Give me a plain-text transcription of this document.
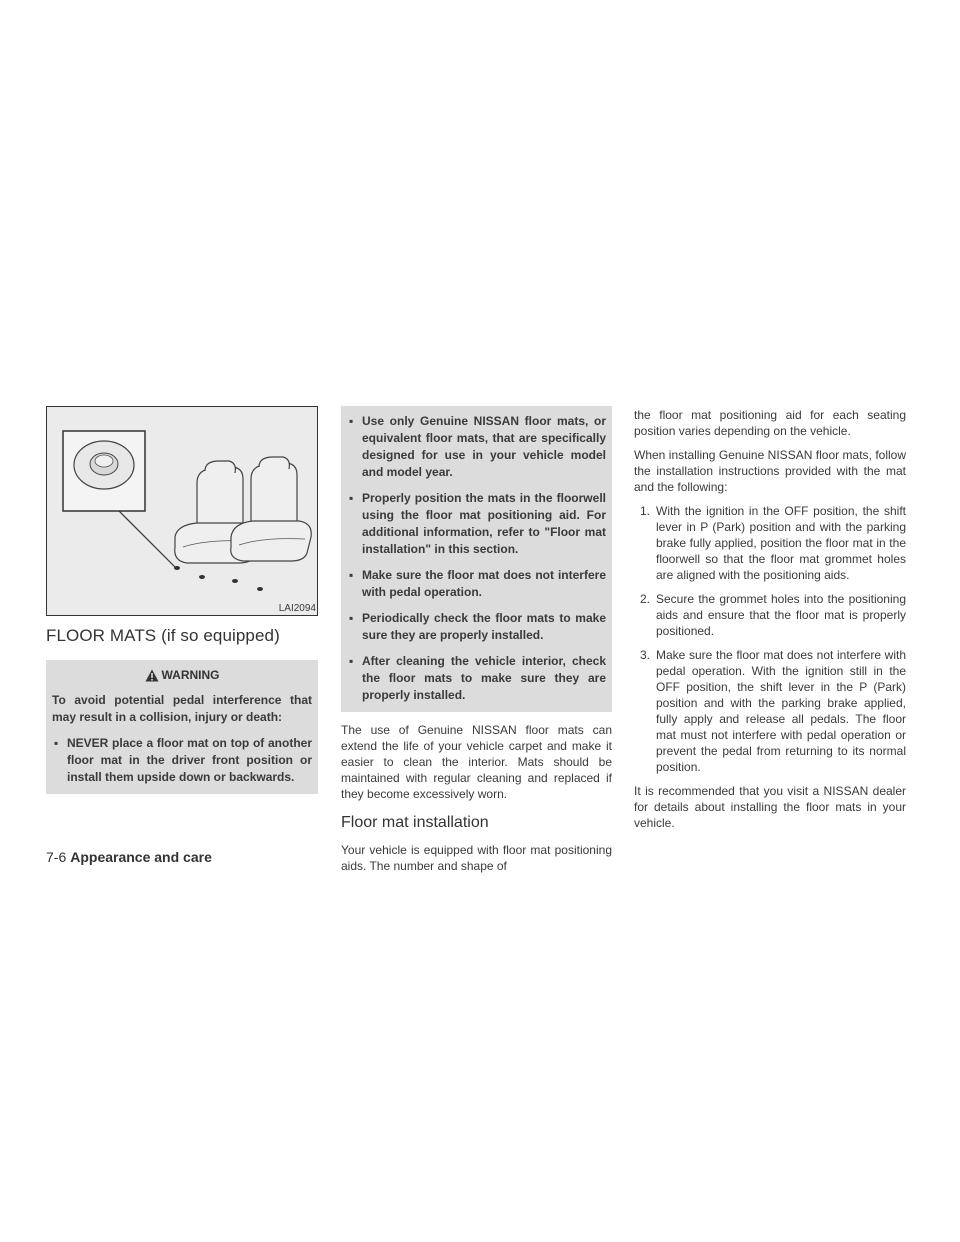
LAI2094
FLOOR MATS (if so equipped)
WARNING

To avoid potential pedal interference that may result in a collision, injury or death:

▪ NEVER place a floor mat on top of another floor mat in the driver front position or install them upside down or backwards.
▪ Use only Genuine NISSAN floor mats, or equivalent floor mats, that are specifically designed for use in your vehicle model and model year.
▪ Properly position the mats in the floorwell using the floor mat positioning aid. For additional information, refer to "Floor mat installation" in this section.
▪ Make sure the floor mat does not interfere with pedal operation.
▪ Periodically check the floor mats to make sure they are properly installed.
▪ After cleaning the vehicle interior, check the floor mats to make sure they are properly installed.

The use of Genuine NISSAN floor mats can extend the life of your vehicle carpet and make it easier to clean the interior. Mats should be maintained with regular cleaning and replaced if they become excessively worn.

Floor mat installation

Your vehicle is equipped with floor mat positioning aids. The number and shape of

the floor mat positioning aid for each seating position varies depending on the vehicle.

When installing Genuine NISSAN floor mats, follow the installation instructions provided with the mat and the following:

1. With the ignition in the OFF position, the shift lever in P (Park) position and with the parking brake fully applied, position the floor mat in the floorwell so that the floor mat grommet holes are aligned with the positioning aids.
2. Secure the grommet holes into the positioning aids and ensure that the floor mat is properly positioned.
3. Make sure the floor mat does not interfere with pedal operation. With the ignition still in the OFF position, the shift lever in the P (Park) position and with the parking brake applied, fully apply and release all pedals. The floor mat must not interfere with pedal operation or prevent the pedal from returning to its normal position.

It is recommended that you visit a NISSAN dealer for details about installing the floor mats in your vehicle.

7-6 Appearance and care
